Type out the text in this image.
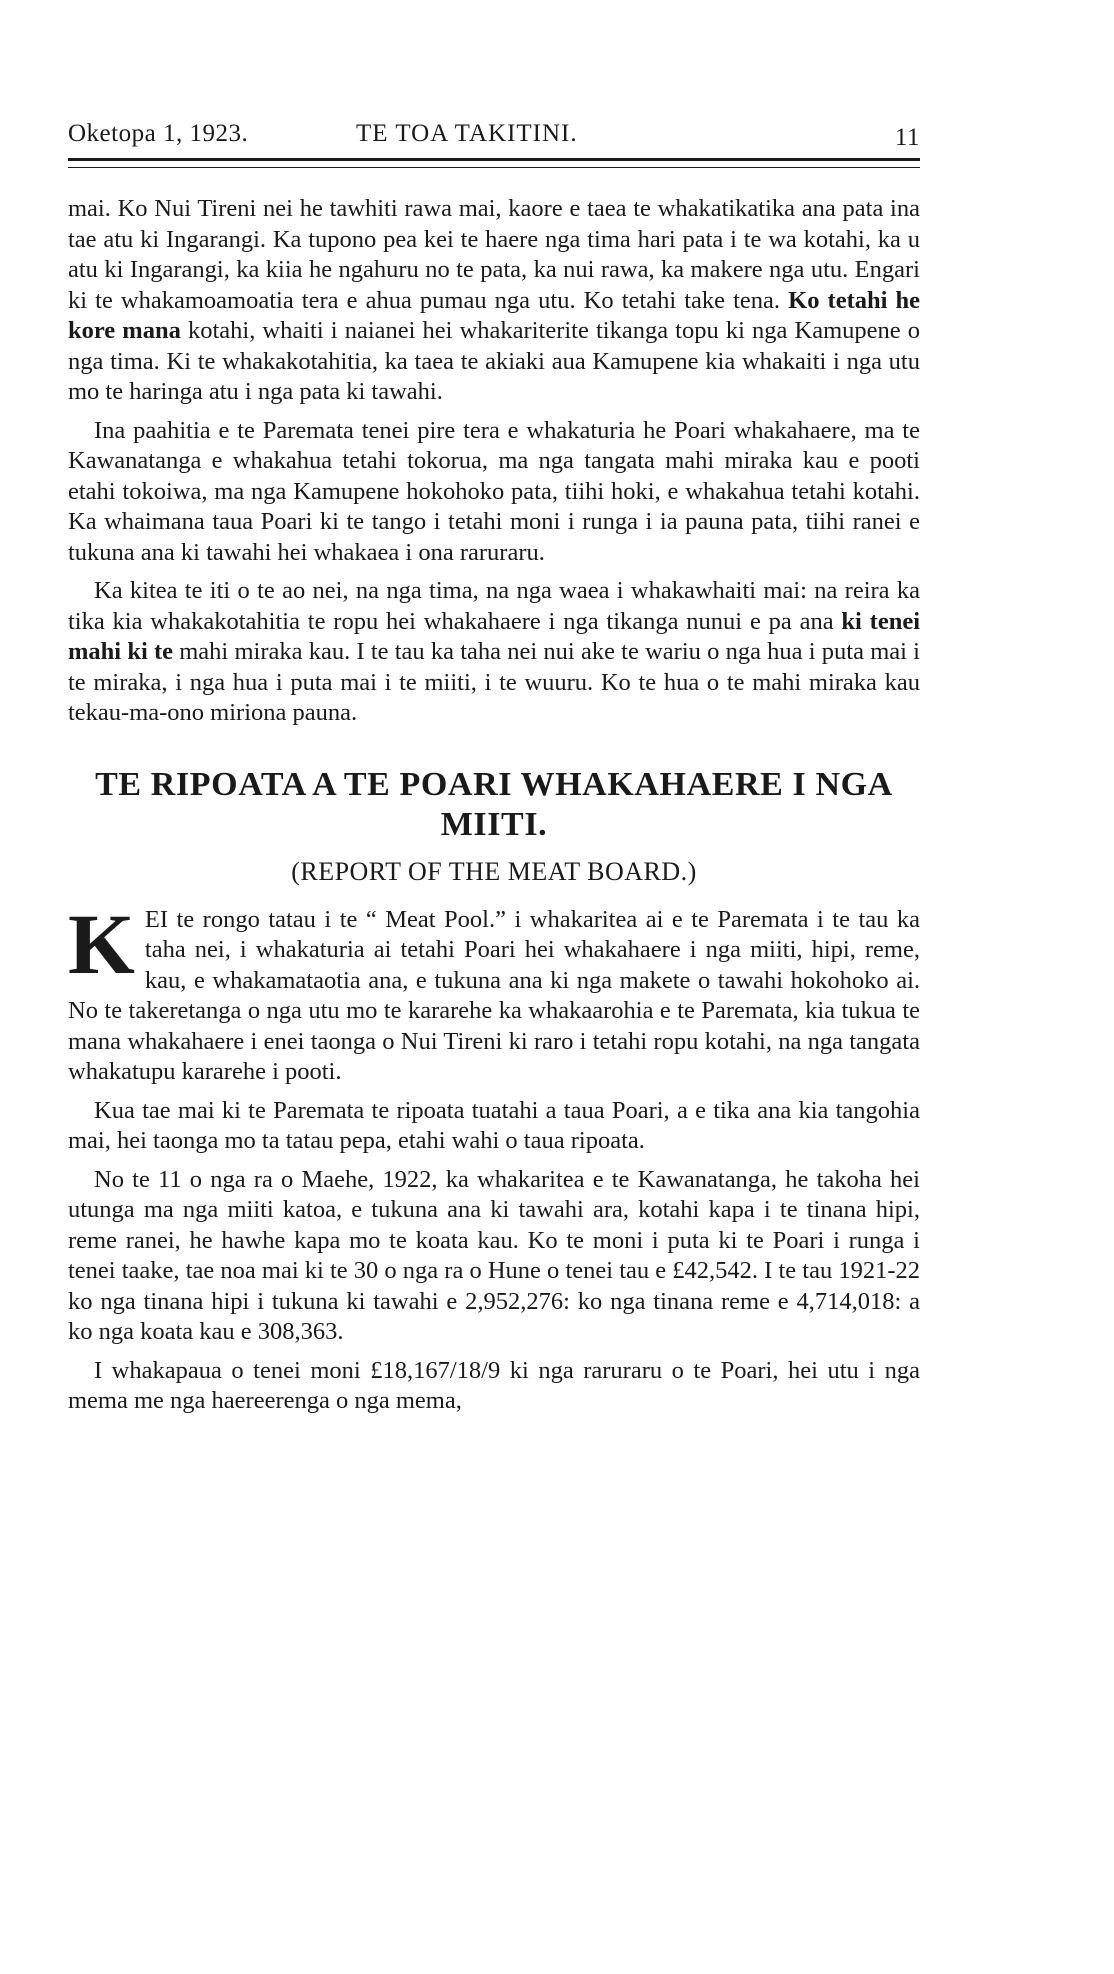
Oketopa 1, 1923.	TE TOA TAKITINI.	11

mai. Ko Nui Tireni nei he tawhiti rawa mai, kaore e taea te whakatikatika ana pata ina tae atu ki Ingarangi. Ka tupono pea kei te haere nga tima hari pata i te wa kotahi, ka u atu ki Ingarangi, ka kiia he ngahuru no te pata, ka nui rawa, ka makere nga utu. Engari ki te whakamoamoatia tera e ahua pumau nga utu. Ko tetahi take tena. Ko tetahi he kore mana kotahi, whaiti i naianei hei whakariterite tikanga topu ki nga Kamupene o nga tima. Ki te whakakotahitia, ka taea te akiaki aua Kamupene kia whakaiti i nga utu mo te haringa atu i nga pata ki tawahi.

Ina paahitia e te Paremata tenei pire tera e whakaturia he Poari whakahaere, ma te Kawanatanga e whakahua tetahi tokorua, ma nga tangata mahi miraka kau e pooti etahi tokoiwa, ma nga Kamupene hokohoko pata, tiihi hoki, e whakahua tetahi kotahi. Ka whaimana taua Poari ki te tango i tetahi moni i runga i ia pauna pata, tiihi ranei e tukuna ana ki tawahi hei whakaea i ona raruraru.

Ka kitea te iti o te ao nei, na nga tima, na nga waea i whakawhaiti mai: na reira ka tika kia whakakotahitia te ropu hei whakahaere i nga tikanga nunui e pa ana ki tenei mahi ki te mahi miraka kau. I te tau ka taha nei nui ake te wariu o nga hua i puta mai i te miraka, i nga hua i puta mai i te miiti, i te wuuru. Ko te hua o te mahi miraka kau tekau-ma-ono miriona pauna.

TE RIPOATA A TE POARI WHAKAHAERE I NGA MIITI.
(REPORT OF THE MEAT BOARD.)

KEI te rongo tatau i te “ Meat Pool.” i whakaritea ai e te Paremata i te tau ka taha nei, i whakaturia ai tetahi Poari hei whakahaere i nga miiti, hipi, reme, kau, e whakamataotia ana, e tukuna ana ki nga makete o tawahi hokohoko ai. No te takeretanga o nga utu mo te kararehe ka whakaarohia e te Paremata, kia tukua te mana whakahaere i enei taonga o Nui Tireni ki raro i tetahi ropu kotahi, na nga tangata whakatupu kararehe i pooti.

Kua tae mai ki te Paremata te ripoata tuatahi a taua Poari, a e tika ana kia tangohia mai, hei taonga mo ta tatau pepa, etahi wahi o taua ripoata.

No te 11 o nga ra o Maehe, 1922, ka whakaritea e te Kawanatanga, he takoha hei utunga ma nga miiti katoa, e tukuna ana ki tawahi ara, kotahi kapa i te tinana hipi, reme ranei, he hawhe kapa mo te koata kau. Ko te moni i puta ki te Poari i runga i tenei taake, tae noa mai ki te 30 o nga ra o Hune o tenei tau e £42,542. I te tau 1921-22 ko nga tinana hipi i tukuna ki tawahi e 2,952,276: ko nga tinana reme e 4,714,018: a ko nga koata kau e 308,363.

I whakapaua o tenei moni £18,167/18/9 ki nga raruraru o te Poari, hei utu i nga mema me nga haereerenga o nga mema,
